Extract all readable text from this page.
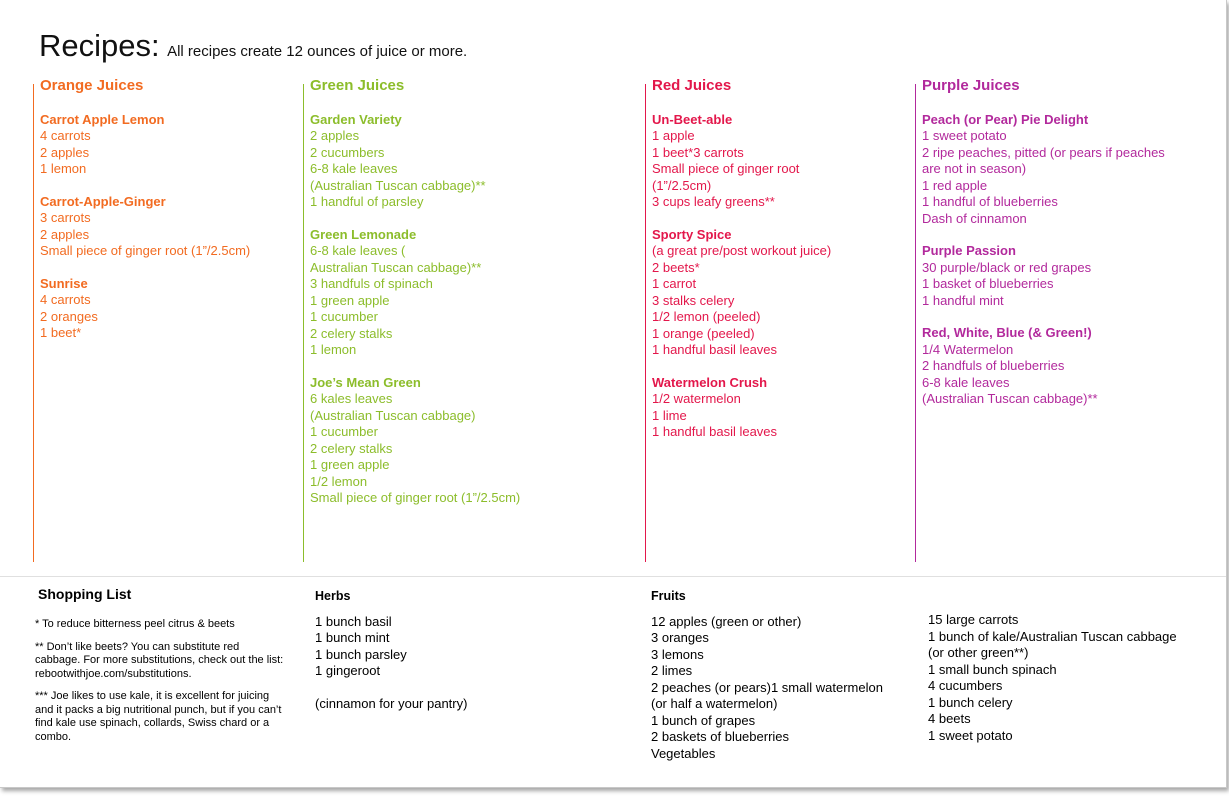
Recipes: All recipes create 12 ounces of juice or more.
Orange Juices
Carrot Apple Lemon
4 carrots
2 apples
1 lemon
Carrot-Apple-Ginger
3 carrots
2 apples
Small piece of ginger root (1”/2.5cm)
Sunrise
4 carrots
2 oranges
1 beet*
Green Juices
Garden Variety
2 apples
2 cucumbers
6-8 kale leaves
(Australian Tuscan cabbage)**
1 handful of parsley
Green Lemonade
6-8 kale leaves (
Australian Tuscan cabbage)**
3 handfuls of spinach
1 green apple
1 cucumber
2 celery stalks
1 lemon
Joe’s Mean Green
6 kales leaves
(Australian Tuscan cabbage)
1 cucumber
2 celery stalks
1 green apple
1/2 lemon
Small piece of ginger root (1”/2.5cm)
Red Juices
Un-Beet-able
1 apple
1 beet*3 carrots
Small piece of ginger root
(1”/2.5cm)
3 cups leafy greens**
Sporty Spice
(a great pre/post workout juice)
2 beets*
1 carrot
3 stalks celery
1/2 lemon (peeled)
1 orange (peeled)
1 handful basil leaves
Watermelon Crush
1/2 watermelon
1 lime
1 handful basil leaves
Purple Juices
Peach (or Pear) Pie Delight
1 sweet potato
2 ripe peaches, pitted (or pears if peaches
are not in season)
1 red apple
1 handful of blueberries
Dash of cinnamon
Purple Passion
30 purple/black or red grapes
1 basket of blueberries
1 handful mint
Red, White, Blue (& Green!)
1/4 Watermelon
2 handfuls of blueberries
6-8 kale leaves
(Australian Tuscan cabbage)**
Shopping List

* To reduce bitterness peel citrus & beets

** Don’t like beets? You can substitute red cabbage. For more substitutions, check out the list: rebootwithjoe.com/substitutions.

*** Joe likes to use kale, it is excellent for juicing and it packs a big nutritional punch, but if you can’t find kale use spinach, collards, Swiss chard or a combo.

Herbs
1 bunch basil
1 bunch mint
1 bunch parsley
1 gingeroot
(cinnamon for your pantry)
Fruits
12 apples (green or other)
3 oranges
3 lemons
2 limes
2 peaches (or pears)1 small watermelon
(or half a watermelon)
1 bunch of grapes
2 baskets of blueberries
Vegetables
15 large carrots
1 bunch of kale/Australian Tuscan cabbage
(or other green**)
1 small bunch spinach
4 cucumbers
1 bunch celery
4 beets
1 sweet potato
